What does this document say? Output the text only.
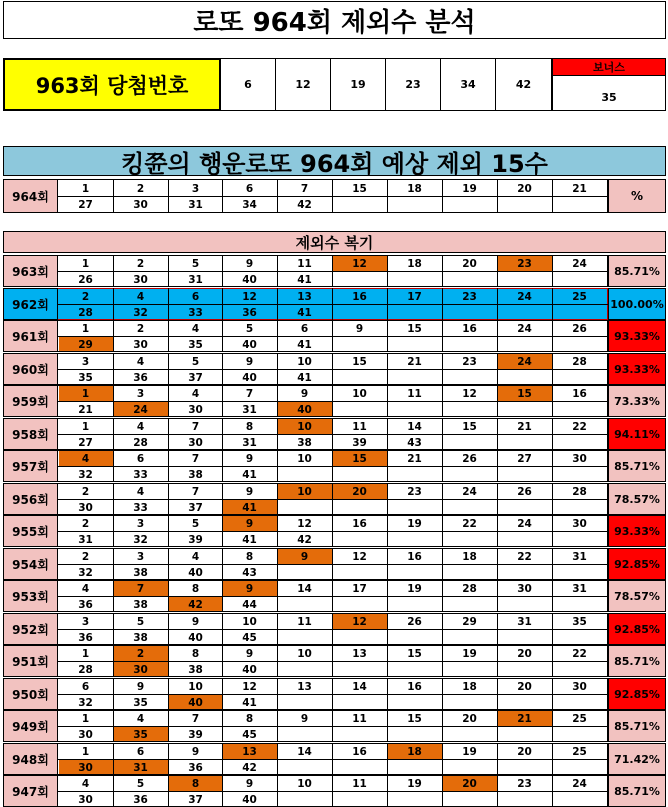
로또 964회 제외수 분석
963회 당첨번호	6	12	19	23	34	42
보너스
35
킹쮼의 행운로또 964회 예상 제외 15수
964회
1	2	3	6	7	15	18	19	20	21
27	30	31	34	42
%
제외수 복기
963회
1	2	5	9	11	12	18	20	23	24
26	30	31	40	41
85.71%
962회
2	4	6	12	13	16	17	23	24	25
28	32	33	36	41
100.00%
961회
1	2	4	5	6	9	15	16	24	26
29	30	35	40	41
93.33%
960회
3	4	5	9	10	15	21	23	24	28
35	36	37	40	41
93.33%
959회
1	3	4	7	9	10	11	12	15	16
21	24	30	31	40
73.33%
958회
1	4	7	8	10	11	14	15	21	22
27	28	30	31	38	39	43
94.11%
957회
4	6	7	9	10	15	21	26	27	30
32	33	38	41
85.71%
956회
2	4	7	9	10	20	23	24	26	28
30	33	37	41
78.57%
955회
2	3	5	9	12	16	19	22	24	30
31	32	39	41	42
93.33%
954회
2	3	4	8	9	12	16	18	22	31
32	38	40	43
92.85%
953회
4	7	8	9	14	17	19	28	30	31
36	38	42	44
78.57%
952회
3	5	9	10	11	12	26	29	31	35
36	38	40	45
92.85%
951회
1	2	8	9	10	13	15	19	20	22
28	30	38	40
85.71%
950회
6	9	10	12	13	14	16	18	20	30
32	35	40	41
92.85%
949회
1	4	7	8	9	11	15	20	21	25
30	35	39	45
85.71%
948회
1	6	9	13	14	16	18	19	20	25
30	31	36	42
71.42%
947회
4	5	8	9	10	11	19	20	23	24
30	36	37	40
85.71%
